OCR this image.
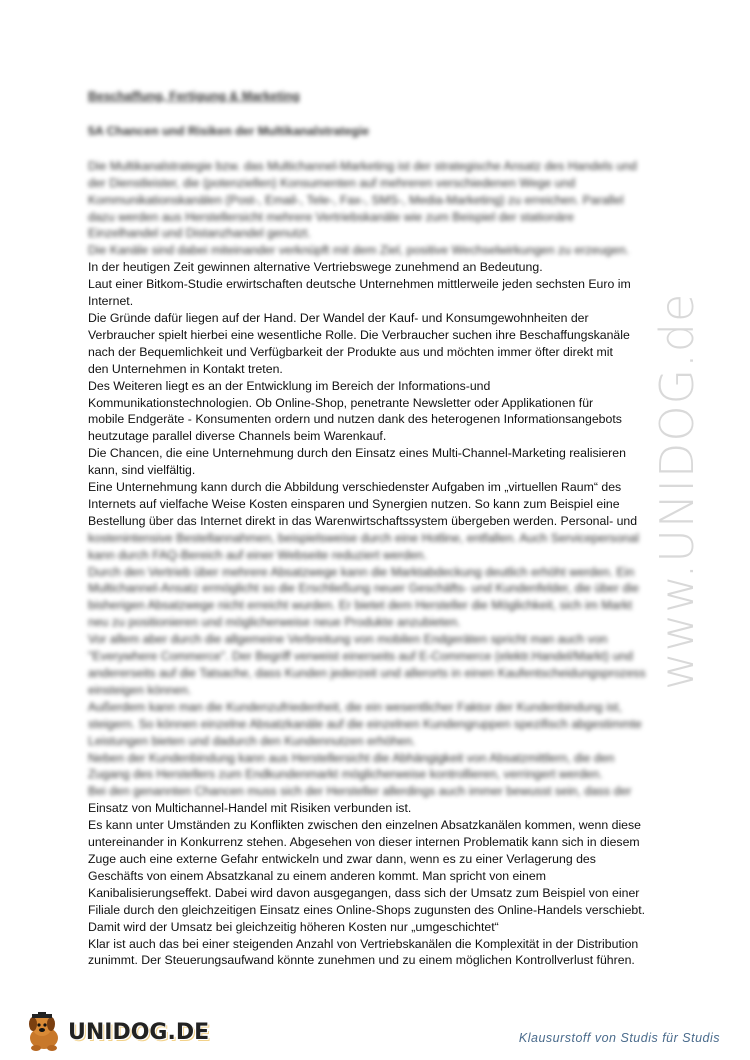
Beschaffung, Fertigung & Marketing
5A Chancen und Risiken der Multikanalstrategie
Die Multikanalstrategie bzw. das Multichannel-Marketing ist der strategische Ansatz des Handels und
der Dienstleister, die (potenziellen) Konsumenten auf mehreren verschiedenen Wege und
Kommunikationskanälen (Post-, Email-, Tele-, Fax-, SMS-, Media-Marketing) zu erreichen. Parallel
dazu werden aus Herstellersicht mehrere Vertriebskanäle wie zum Beispiel der stationäre
Einzelhandel und Distanzhandel genutzt.
Die Kanäle sind dabei miteinander verknüpft mit dem Ziel, positive Wechselwirkungen zu erzeugen.
In der heutigen Zeit gewinnen alternative Vertriebswege zunehmend an Bedeutung.
Laut einer Bitkom-Studie erwirtschaften deutsche Unternehmen mittlerweile jeden sechsten Euro im
Internet.
Die Gründe dafür liegen auf der Hand. Der Wandel der Kauf- und Konsumgewohnheiten der
Verbraucher spielt hierbei eine wesentliche Rolle. Die Verbraucher suchen ihre Beschaffungskanäle
nach der Bequemlichkeit und Verfügbarkeit der Produkte aus und möchten immer öfter direkt mit
den Unternehmen in Kontakt treten.
Des Weiteren liegt es an der Entwicklung im Bereich der Informations-und
Kommunikationstechnologien. Ob Online-Shop, penetrante Newsletter oder Applikationen für
mobile Endgeräte - Konsumenten ordern und nutzen dank des heterogenen Informationsangebots
heutzutage parallel diverse Channels beim Warenkauf.
Die Chancen, die eine Unternehmung durch den Einsatz eines Multi-Channel-Marketing realisieren
kann, sind vielfältig.
Eine Unternehmung kann durch die Abbildung verschiedenster Aufgaben im „virtuellen Raum“ des
Internets auf vielfache Weise Kosten einsparen und Synergien nutzen. So kann zum Beispiel eine
Bestellung über das Internet direkt in das Warenwirtschaftssystem übergeben werden. Personal- und
kostenintensive Bestellannahmen, beispielsweise durch eine Hotline, entfallen. Auch Servicepersonal
kann durch FAQ-Bereich auf einer Webseite reduziert werden.
Durch den Vertrieb über mehrere Absatzwege kann die Marktabdeckung deutlich erhöht werden. Ein
Multichannel-Ansatz ermöglicht so die Erschließung neuer Geschäfts- und Kundenfelder, die über die
bisherigen Absatzwege nicht erreicht wurden. Er bietet dem Hersteller die Möglichkeit, sich im Markt
neu zu positionieren und möglicherweise neue Produkte anzubieten.
Vor allem aber durch die allgemeine Verbreitung von mobilen Endgeräten spricht man auch von
"Everywhere Commerce". Der Begriff verweist einerseits auf E-Commerce (elektr.Handel/Markt) und
andererseits auf die Tatsache, dass Kunden jederzeit und allerorts in einen Kaufentscheidungsprozess
einsteigen können.
Außerdem kann man die Kundenzufriedenheit, die ein wesentlicher Faktor der Kundenbindung ist,
steigern. So können einzelne Absatzkanäle auf die einzelnen Kundengruppen spezifisch abgestimmte
Leistungen bieten und dadurch den Kundennutzen erhöhen.
Neben der Kundenbindung kann aus Herstellersicht die Abhängigkeit von Absatzmittlern, die den
Zugang des Herstellers zum Endkundenmarkt möglicherweise kontrollieren, verringert werden.
Bei den genannten Chancen muss sich der Hersteller allerdings auch immer bewusst sein, dass der
Einsatz von Multichannel-Handel mit Risiken verbunden ist.
Es kann unter Umständen zu Konflikten zwischen den einzelnen Absatzkanälen kommen, wenn diese
untereinander in Konkurrenz stehen. Abgesehen von dieser internen Problematik kann sich in diesem
Zuge auch eine externe Gefahr entwickeln und zwar dann, wenn es zu einer Verlagerung des
Geschäfts von einem Absatzkanal zu einem anderen kommt. Man spricht von einem
Kanibalisierungseffekt. Dabei wird davon ausgegangen, dass sich der Umsatz zum Beispiel von einer
Filiale durch den gleichzeitigen Einsatz eines Online-Shops zugunsten des Online-Handels verschiebt.
Damit wird der Umsatz bei gleichzeitig höheren Kosten nur „umgeschichtet“
Klar ist auch das bei einer steigenden Anzahl von Vertriebskanälen die Komplexität in der Distribution
zunimmt. Der Steuerungsaufwand könnte zunehmen und zu einem möglichen Kontrollverlust führen.
www.UNIDOG.de
UNIDOG.DE	Klausurstoff von Studis für Studis
